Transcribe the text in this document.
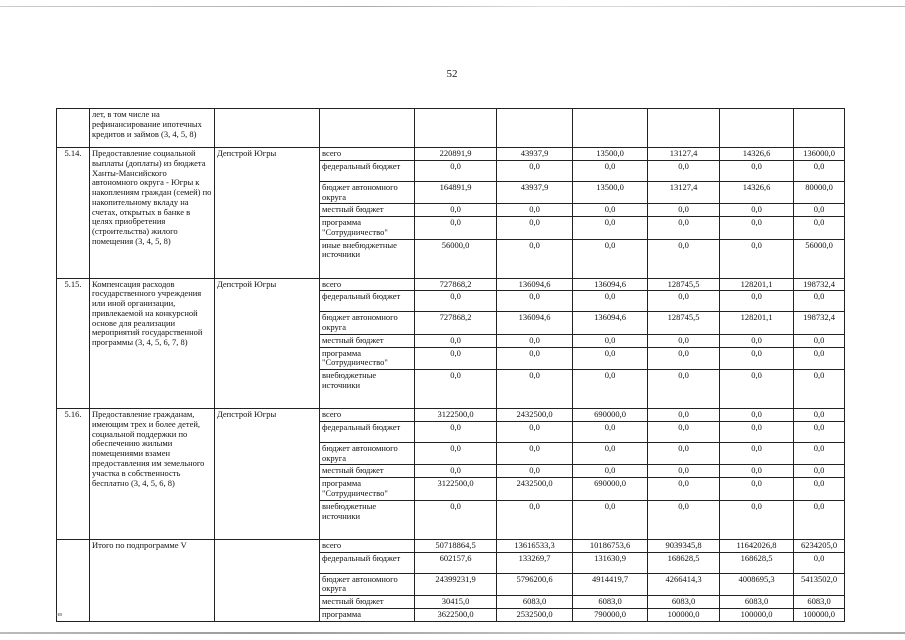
52
	лет, в том числе на рефинансирование ипотечных кредитов и займов (3, 4, 5, 8)								
5.14.	Предоставление социальной выплаты (доплаты) из бюджета Ханты-Мансийского автономного округа - Югры к накоплениям граждан (семей) по накопительному вкладу на счетах, открытых в банке в целях приобретения (строительства) жилого помещения (3, 4, 5, 8)	Депстрой Югры	всего	220891,9	43937,9	13500,0	13127,4	14326,6	136000,0
			федеральный бюджет	0,0	0,0	0,0	0,0	0,0	0,0
			бюджет автономного округа	164891,9	43937,9	13500,0	13127,4	14326,6	80000,0
			местный бюджет	0,0	0,0	0,0	0,0	0,0	0,0
			программа "Сотрудничество"	0,0	0,0	0,0	0,0	0,0	0,0
			иные внебюджетные источники	56000,0	0,0	0,0	0,0	0,0	56000,0
5.15.	Компенсация расходов государственного учреждения или иной организации, привлекаемой на конкурсной основе для реализации мероприятий государственной программы (3, 4, 5, 6, 7, 8)	Депстрой Югры	всего	727868,2	136094,6	136094,6	128745,5	128201,1	198732,4
			федеральный бюджет	0,0	0,0	0,0	0,0	0,0	0,0
			бюджет автономного округа	727868,2	136094,6	136094,6	128745,5	128201,1	198732,4
			местный бюджет	0,0	0,0	0,0	0,0	0,0	0,0
			программа "Сотрудничество"	0,0	0,0	0,0	0,0	0,0	0,0
			внебюджетные источники	0,0	0,0	0,0	0,0	0,0	0,0
5.16.	Предоставление гражданам, имеющим трех и более детей, социальной поддержки по обеспечению жилыми помещениями взамен предоставления им земельного участка в собственность бесплатно (3, 4, 5, 6, 8)	Депстрой Югры	всего	3122500,0	2432500,0	690000,0	0,0	0,0	0,0
			федеральный бюджет	0,0	0,0	0,0	0,0	0,0	0,0
			бюджет автономного округа	0,0	0,0	0,0	0,0	0,0	0,0
			местный бюджет	0,0	0,0	0,0	0,0	0,0	0,0
			программа "Сотрудничество"	3122500,0	2432500,0	690000,0	0,0	0,0	0,0
			внебюджетные источники	0,0	0,0	0,0	0,0	0,0	0,0
	Итого по подпрограмме V		всего	50718864,5	13616533,3	10186753,6	9039345,8	11642026,8	6234205,0
			федеральный бюджет	602157,6	133269,7	131630,9	168628,5	168628,5	0,0
			бюджет автономного округа	24399231,9	5796200,6	4914419,7	4266414,3	4008695,3	5413502,0
			местный бюджет	30415,0	6083,0	6083,0	6083,0	6083,0	6083,0
			программа	3622500,0	2532500,0	790000,0	100000,0	100000,0	100000,0
нв
